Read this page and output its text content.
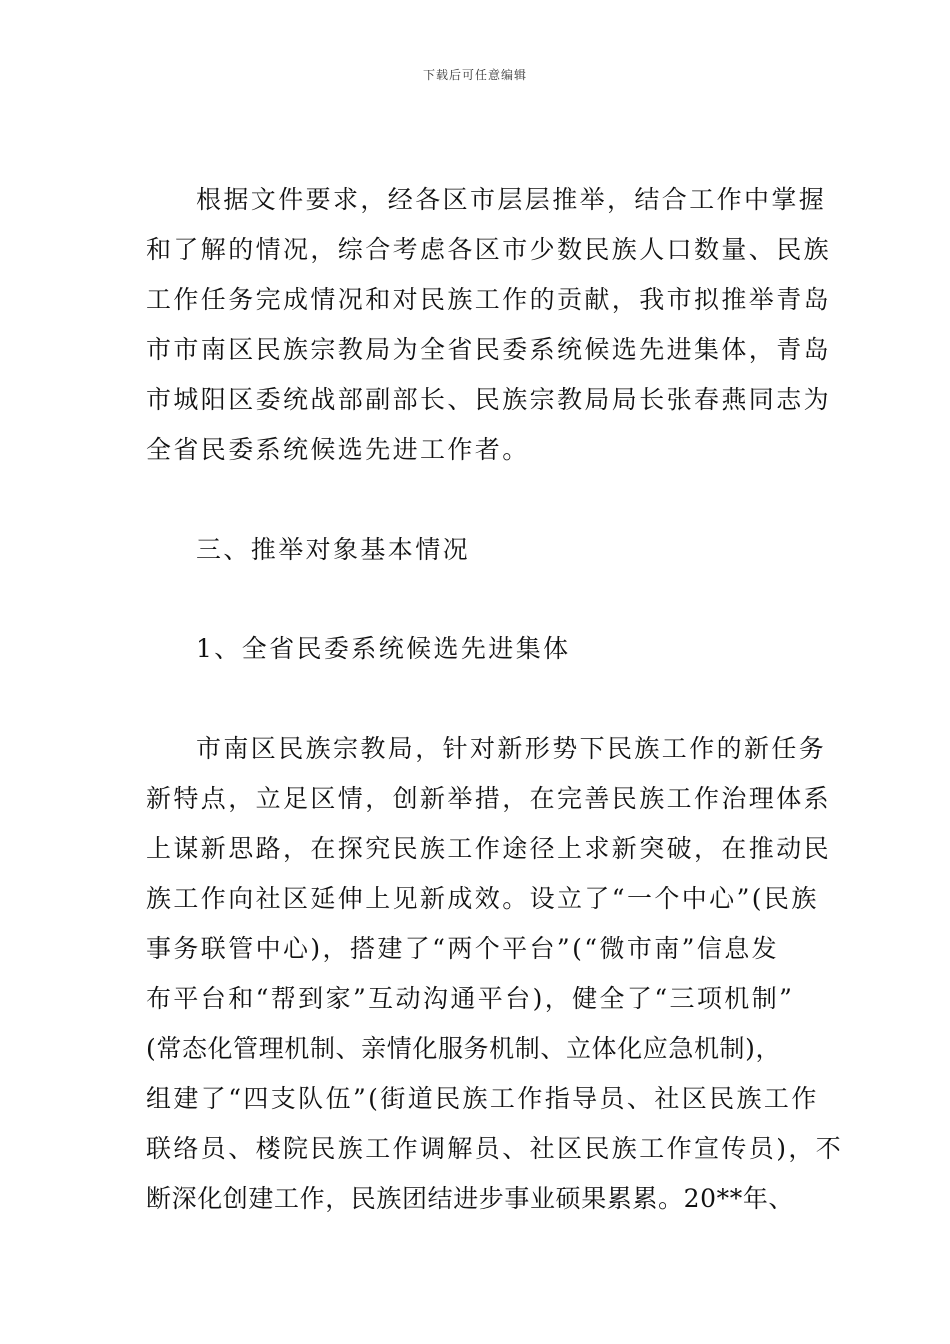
下载后可任意编辑
根据文件要求，经各区市层层推举，结合工作中掌握
和了解的情况，综合考虑各区市少数民族人口数量、民族
工作任务完成情况和对民族工作的贡献，我市拟推举青岛
市市南区民族宗教局为全省民委系统候选先进集体，青岛
市城阳区委统战部副部长、民族宗教局局长张春燕同志为
全省民委系统候选先进工作者。
三、推举对象基本情况
1、全省民委系统候选先进集体
市南区民族宗教局，针对新形势下民族工作的新任务
新特点，立足区情，创新举措，在完善民族工作治理体系
上谋新思路，在探究民族工作途径上求新突破，在推动民
族工作向社区延伸上见新成效。设立了“一个中心”(民族
事务联管中心)，搭建了“两个平台”(“微市南”信息发
布平台和“帮到家”互动沟通平台)，健全了“三项机制”
(常态化管理机制、亲情化服务机制、立体化应急机制)，
组建了“四支队伍”(街道民族工作指导员、社区民族工作
联络员、楼院民族工作调解员、社区民族工作宣传员)，不
断深化创建工作，民族团结进步事业硕果累累。20**年、
